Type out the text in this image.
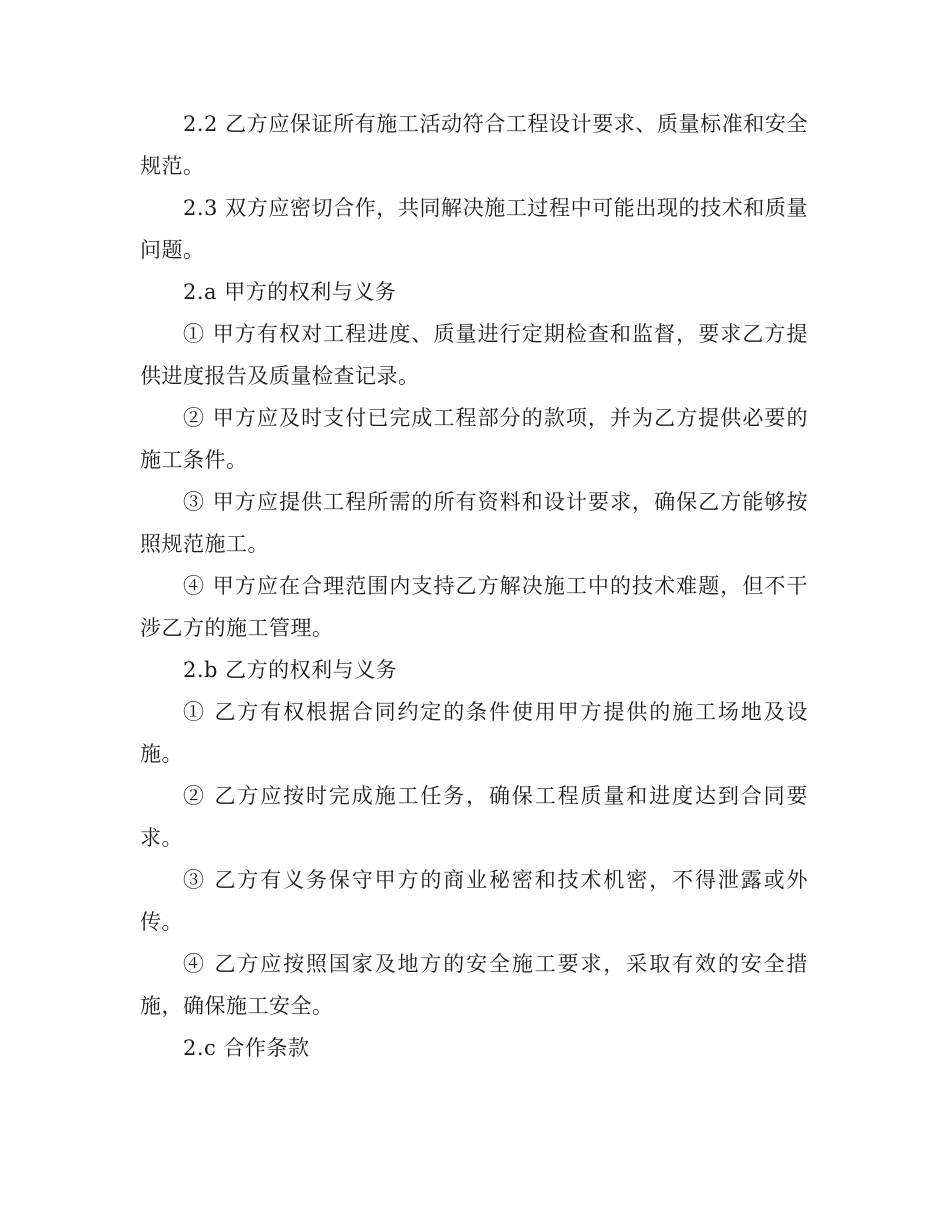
2.2 乙方应保证所有施工活动符合工程设计要求、质量标准和安全规范。

2.3 双方应密切合作，共同解决施工过程中可能出现的技术和质量问题。

2.a 甲方的权利与义务

① 甲方有权对工程进度、质量进行定期检查和监督，要求乙方提供进度报告及质量检查记录。

② 甲方应及时支付已完成工程部分的款项，并为乙方提供必要的施工条件。

③ 甲方应提供工程所需的所有资料和设计要求，确保乙方能够按照规范施工。

④ 甲方应在合理范围内支持乙方解决施工中的技术难题，但不干涉乙方的施工管理。

2.b 乙方的权利与义务

① 乙方有权根据合同约定的条件使用甲方提供的施工场地及设施。

② 乙方应按时完成施工任务，确保工程质量和进度达到合同要求。

③ 乙方有义务保守甲方的商业秘密和技术机密，不得泄露或外传。

④ 乙方应按照国家及地方的安全施工要求，采取有效的安全措施，确保施工安全。

2.c 合作条款
